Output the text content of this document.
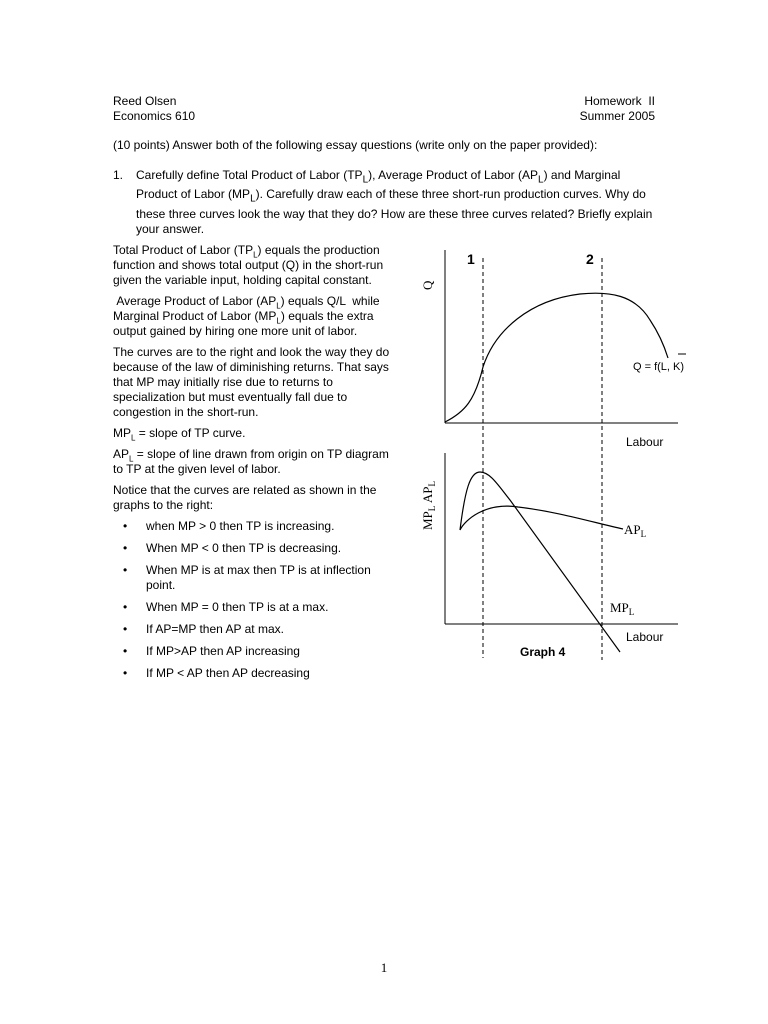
Reed Olsen
Economics 610
Homework  II
Summer 2005
(10 points) Answer both of the following essay questions (write only on the paper provided):
1. Carefully define Total Product of Labor $(TP_L)$, Average Product of Labor $(AP_L)$ and Marginal Product of Labor $(MP_L)$. Carefully draw each of these three short-run production curves. Why do these three curves look the way that they do? How are these three curves related? Briefly explain your answer.

Total Product of Labor $(TP_L)$ equals the production function and shows total output (Q) in the short-run given the variable input, holding capital constant.

Average Product of Labor $(AP_L)$ equals Q/L  while Marginal Product of Labor $(MP_L)$ equals the extra output gained by hiring one more unit of labor.

The curves are to the right and look the way they do because of the law of diminishing returns. That says that MP may initially rise due to returns to specialization but must eventually fall due to congestion in the short-run.

$MP_L$ = slope of TP curve.

$AP_L$ = slope of line drawn from origin on TP diagram to TP at the given level of labor.

Notice that the curves are related as shown in the graphs to the right:

• when MP > 0 then TP is increasing.
• When MP < 0 then TP is decreasing.
• When MP is at max then TP is at inflection point.
• When MP = 0 then TP is at a max.
• If AP=MP then AP at max.
• If MP>AP then AP increasing
• If MP < AP then AP decreasing
1	2
Q
Q = f(L, K)
Labour
$MP_L$ $AP_L$
$AP_L$
$MP_L$
Labour
Graph 4
1
